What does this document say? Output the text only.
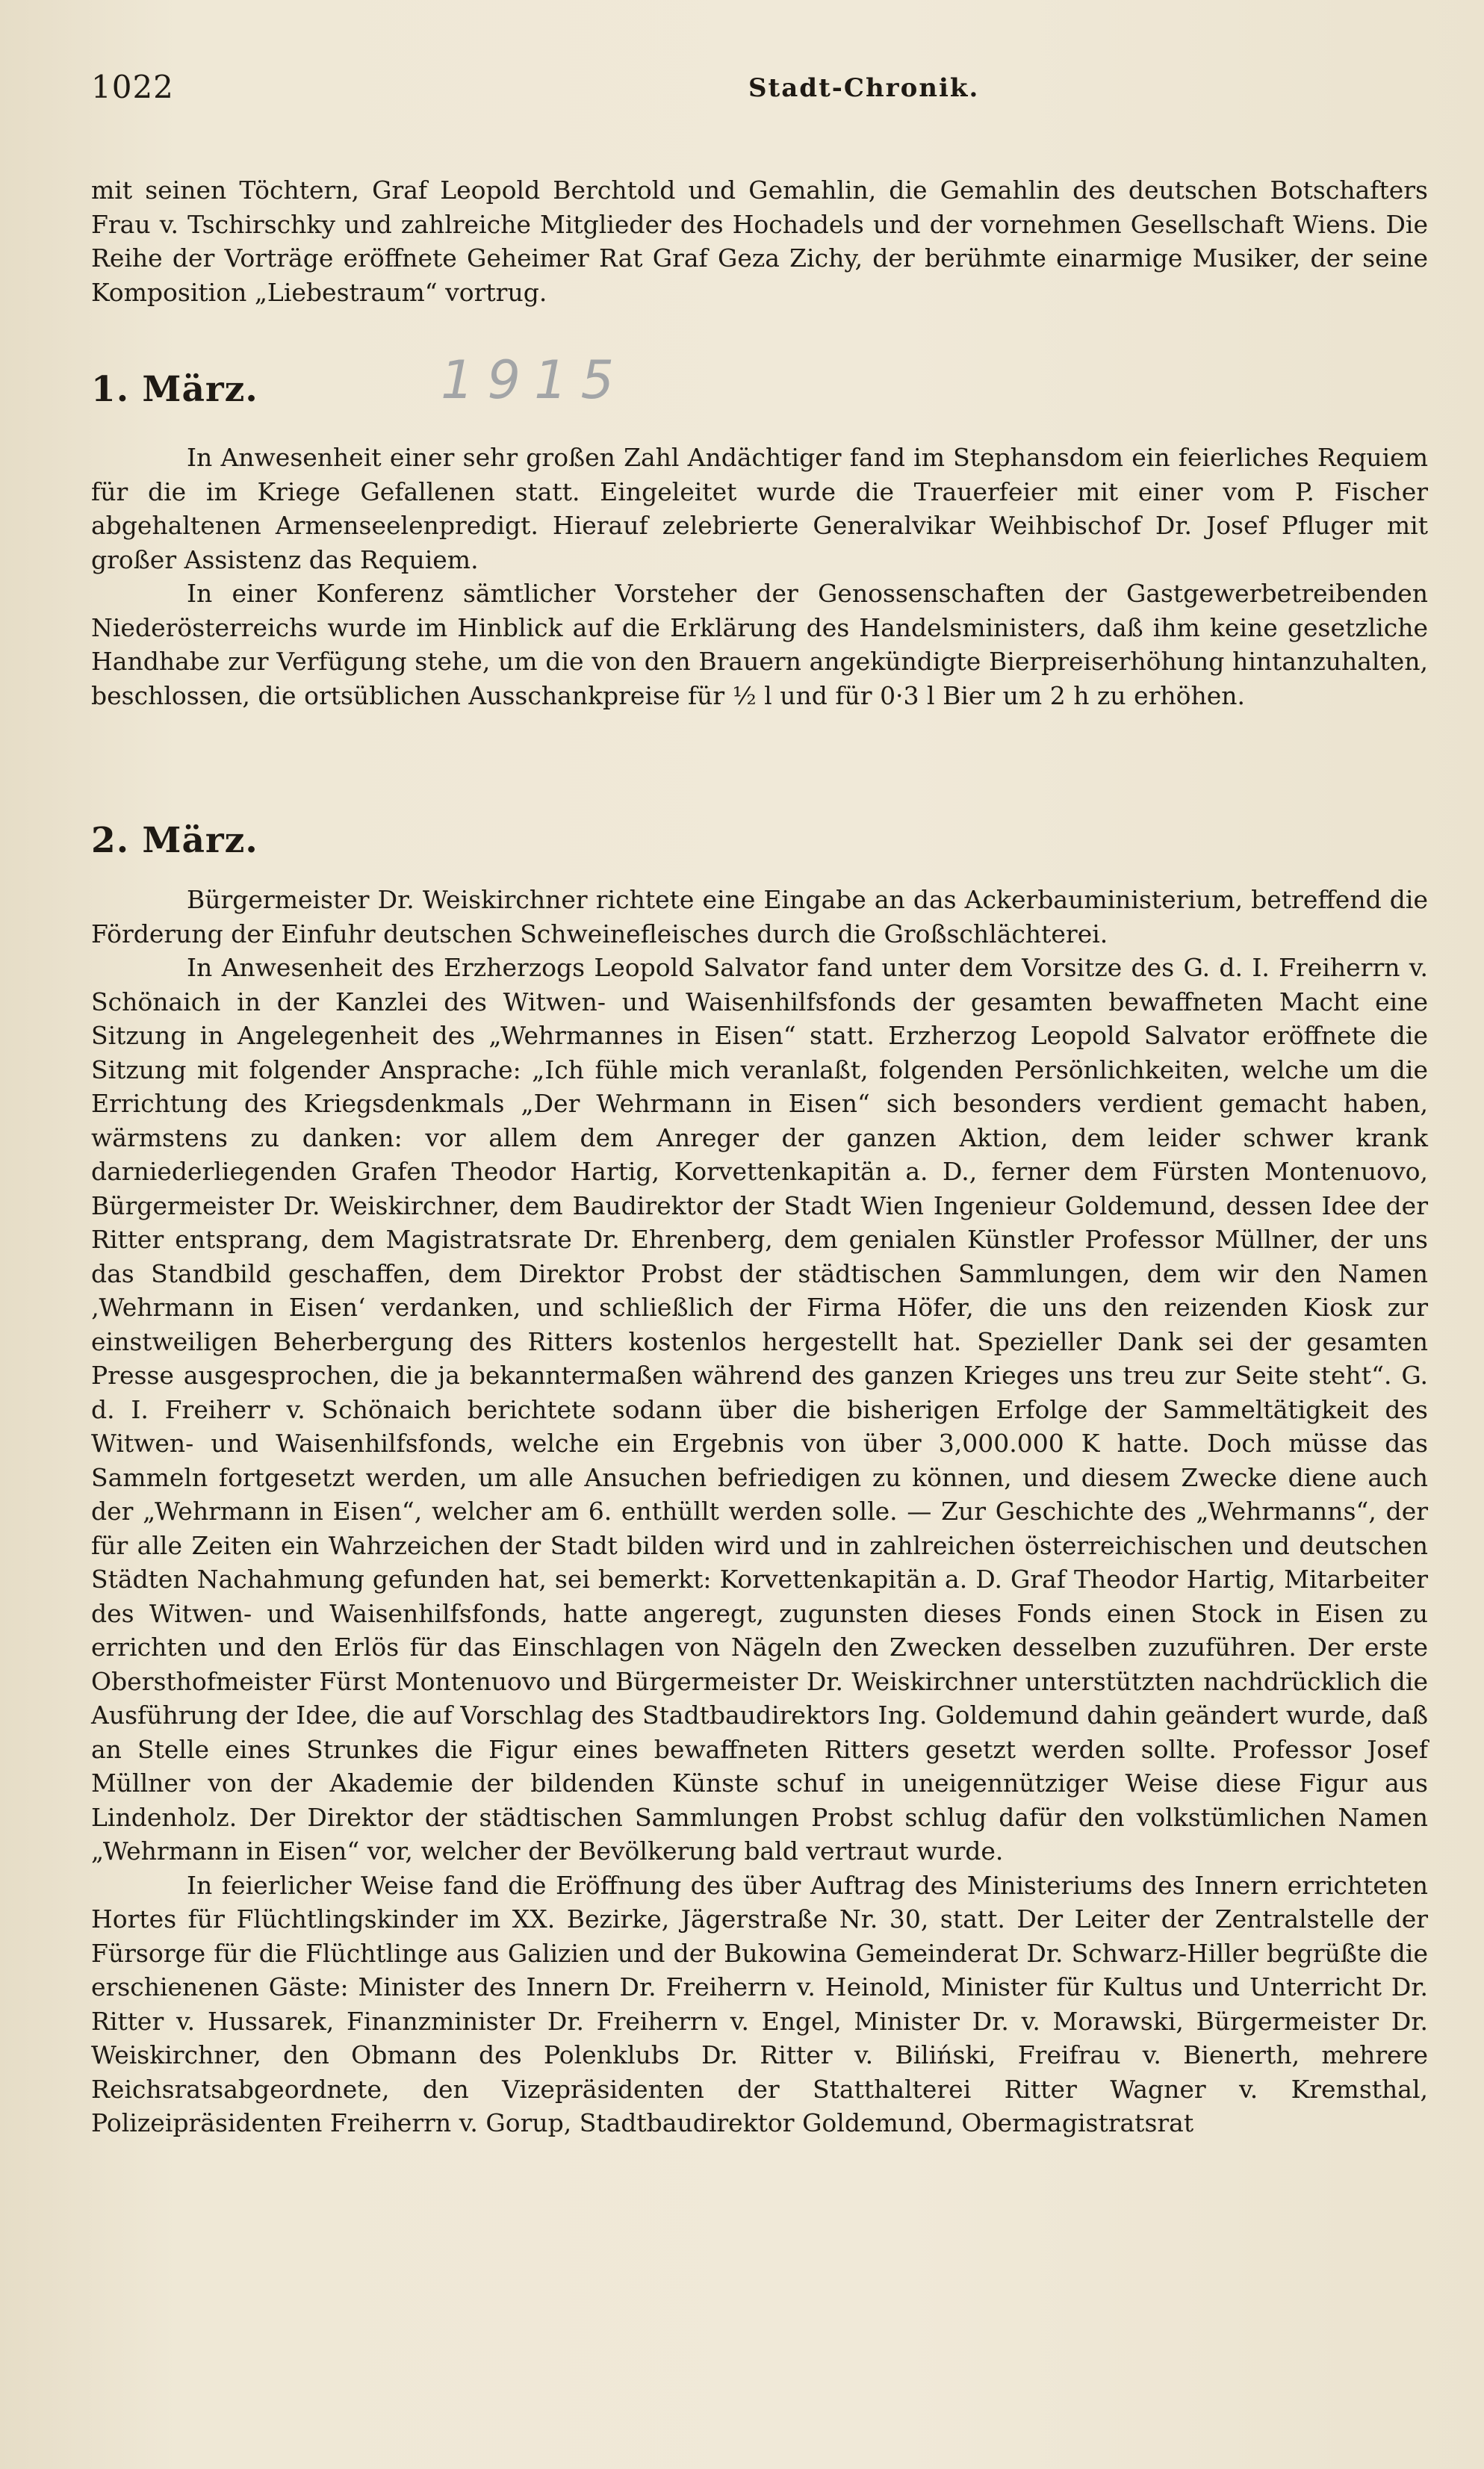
1022	Stadt-Chronik.

mit seinen Töchtern, Graf Leopold Berchtold und Gemahlin, die Gemahlin des deutschen Botschafters Frau v. Tschirschky und zahlreiche Mitglieder des Hochadels und der vornehmen Gesellschaft Wiens. Die Reihe der Vorträge eröffnete Geheimer Rat Graf Geza Zichy, der berühmte einarmige Musiker, der seine Komposition „Liebestraum“ vortrug.

1. März.	1915

In Anwesenheit einer sehr großen Zahl Andächtiger fand im Stephansdom ein feierliches Requiem für die im Kriege Gefallenen statt. Eingeleitet wurde die Trauerfeier mit einer vom P. Fischer abgehaltenen Armenseelenpredigt. Hierauf zelebrierte Generalvikar Weihbischof Dr. Josef Pfluger mit großer Assistenz das Requiem.

In einer Konferenz sämtlicher Vorsteher der Genossenschaften der Gastgewerbetreibenden Niederösterreichs wurde im Hinblick auf die Erklärung des Handelsministers, daß ihm keine gesetzliche Handhabe zur Verfügung stehe, um die von den Brauern angekündigte Bierpreiserhöhung hintanzuhalten, beschlossen, die ortsüblichen Ausschankpreise für ½ l und für 0·3 l Bier um 2 h zu erhöhen.

2. März.

Bürgermeister Dr. Weiskirchner richtete eine Eingabe an das Ackerbauministerium, betreffend die Förderung der Einfuhr deutschen Schweinefleisches durch die Großschlächterei.

In Anwesenheit des Erzherzogs Leopold Salvator fand unter dem Vorsitze des G. d. I. Freiherrn v. Schönaich in der Kanzlei des Witwen- und Waisenhilfsfonds der gesamten bewaffneten Macht eine Sitzung in Angelegenheit des „Wehrmannes in Eisen“ statt. Erzherzog Leopold Salvator eröffnete die Sitzung mit folgender Ansprache: „Ich fühle mich veranlaßt, folgenden Persönlichkeiten, welche um die Errichtung des Kriegsdenkmals „Der Wehrmann in Eisen“ sich besonders verdient gemacht haben, wärmstens zu danken: vor allem dem Anreger der ganzen Aktion, dem leider schwer krank darniederliegenden Grafen Theodor Hartig, Korvettenkapitän a. D., ferner dem Fürsten Montenuovo, Bürgermeister Dr. Weiskirchner, dem Baudirektor der Stadt Wien Ingenieur Goldemund, dessen Idee der Ritter entsprang, dem Magistratsrate Dr. Ehrenberg, dem genialen Künstler Professor Müllner, der uns das Standbild geschaffen, dem Direktor Probst der städtischen Sammlungen, dem wir den Namen ‚Wehrmann in Eisen‘ verdanken, und schließlich der Firma Höfer, die uns den reizenden Kiosk zur einstweiligen Beherbergung des Ritters kostenlos hergestellt hat. Spezieller Dank sei der gesamten Presse ausgesprochen, die ja bekanntermaßen während des ganzen Krieges uns treu zur Seite steht“. G. d. I. Freiherr v. Schönaich berichtete sodann über die bisherigen Erfolge der Sammeltätigkeit des Witwen- und Waisenhilfsfonds, welche ein Ergebnis von über 3,000.000 K hatte. Doch müsse das Sammeln fortgesetzt werden, um alle Ansuchen befriedigen zu können, und diesem Zwecke diene auch der „Wehrmann in Eisen“, welcher am 6. enthüllt werden solle. — Zur Geschichte des „Wehrmanns“, der für alle Zeiten ein Wahrzeichen der Stadt bilden wird und in zahlreichen österreichischen und deutschen Städten Nachahmung gefunden hat, sei bemerkt: Korvettenkapitän a. D. Graf Theodor Hartig, Mitarbeiter des Witwen- und Waisenhilfsfonds, hatte angeregt, zugunsten dieses Fonds einen Stock in Eisen zu errichten und den Erlös für das Einschlagen von Nägeln den Zwecken desselben zuzuführen. Der erste Obersthofmeister Fürst Montenuovo und Bürgermeister Dr. Weiskirchner unterstützten nachdrücklich die Ausführung der Idee, die auf Vorschlag des Stadtbaudirektors Ing. Goldemund dahin geändert wurde, daß an Stelle eines Strunkes die Figur eines bewaffneten Ritters gesetzt werden sollte. Professor Josef Müllner von der Akademie der bildenden Künste schuf in uneigennütziger Weise diese Figur aus Lindenholz. Der Direktor der städtischen Sammlungen Probst schlug dafür den volkstümlichen Namen „Wehrmann in Eisen“ vor, welcher der Bevölkerung bald vertraut wurde.

In feierlicher Weise fand die Eröffnung des über Auftrag des Ministeriums des Innern errichteten Hortes für Flüchtlingskinder im XX. Bezirke, Jägerstraße Nr. 30, statt. Der Leiter der Zentralstelle der Fürsorge für die Flüchtlinge aus Galizien und der Bukowina Gemeinderat Dr. Schwarz-Hiller begrüßte die erschienenen Gäste: Minister des Innern Dr. Freiherrn v. Heinold, Minister für Kultus und Unterricht Dr. Ritter v. Hussarek, Finanzminister Dr. Freiherrn v. Engel, Minister Dr. v. Morawski, Bürgermeister Dr. Weiskirchner, den Obmann des Polenklubs Dr. Ritter v. Biliński, Freifrau v. Bienerth, mehrere Reichsratsabgeordnete, den Vizepräsidenten der Statthalterei Ritter Wagner v. Kremsthal, Polizeipräsidenten Freiherrn v. Gorup, Stadtbaudirektor Goldemund, Obermagistratsrat
